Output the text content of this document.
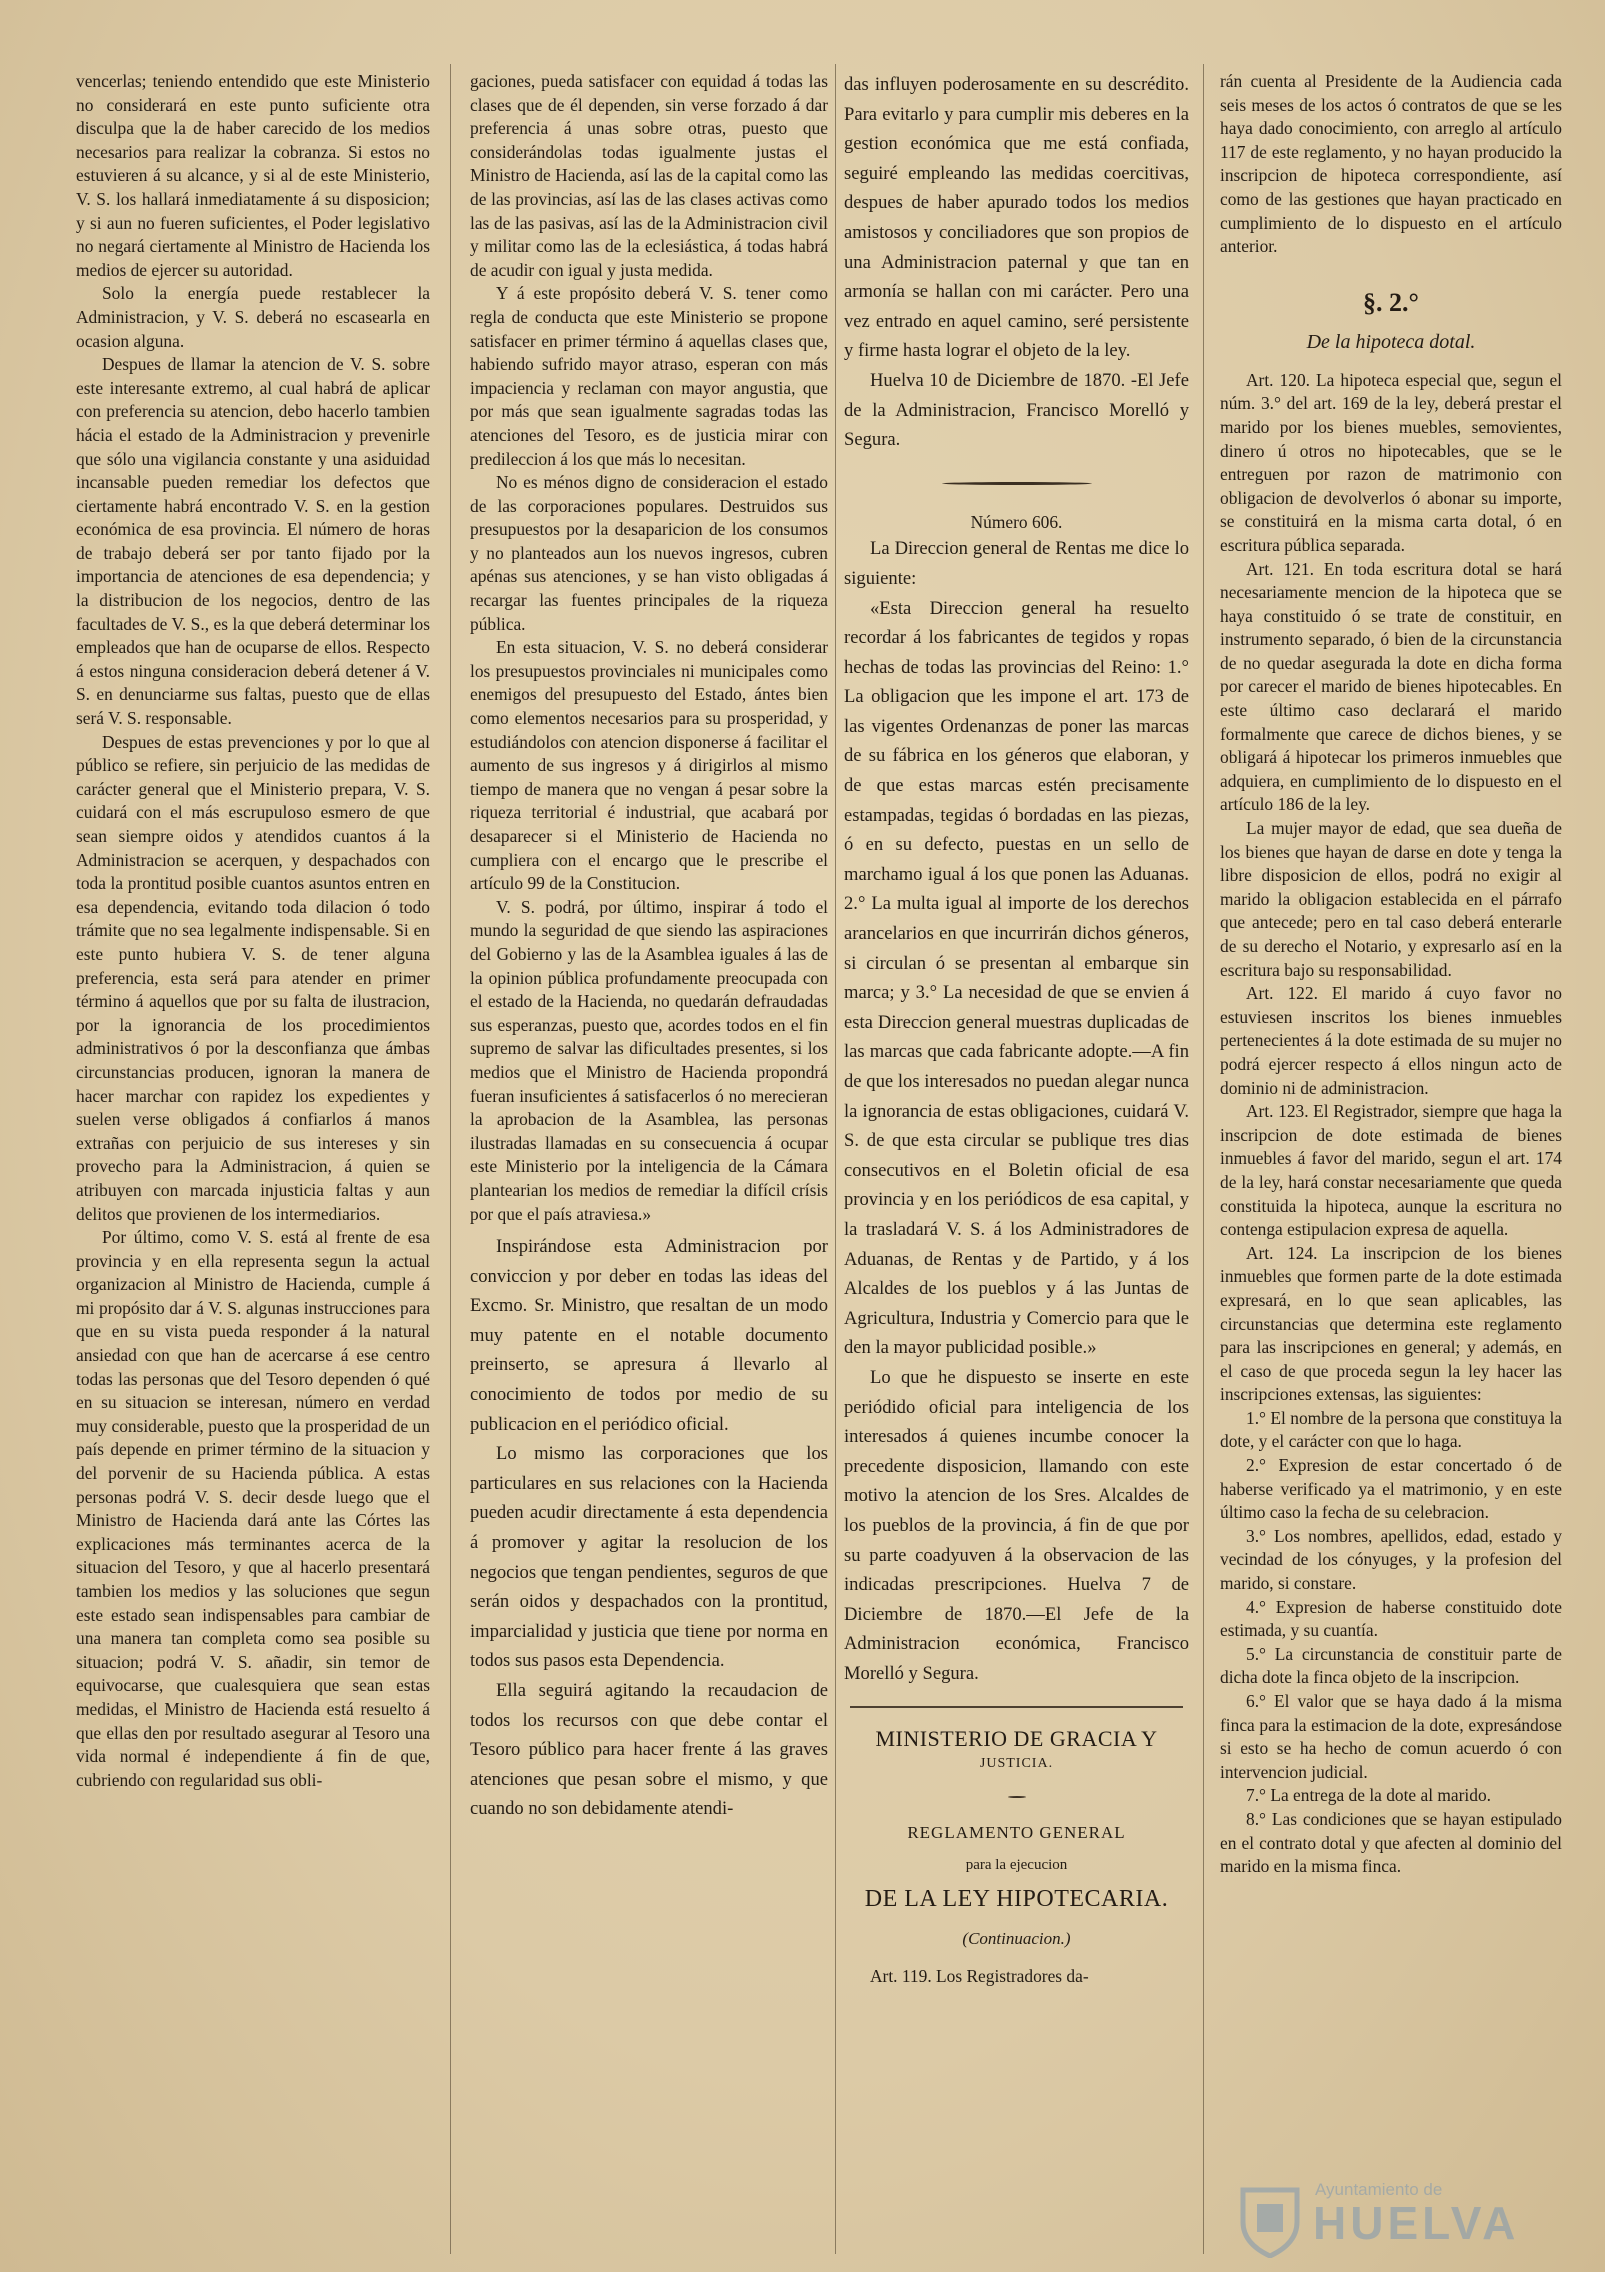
vencerlas; teniendo entendido que este Ministerio no considerará en este punto suficiente otra disculpa que la de haber carecido de los medios necesarios para realizar la cobranza. Si estos no estuvieren á su alcance, y si al de este Ministerio, V. S. los hallará inmediatamente á su disposicion; y si aun no fueren suficientes, el Poder legislativo no negará ciertamente al Ministro de Hacienda los medios de ejercer su autoridad.

Solo la energía puede restablecer la Administracion, y V. S. deberá no escasearla en ocasion alguna.

Despues de llamar la atencion de V. S. sobre este interesante extremo, al cual habrá de aplicar con preferencia su atencion, debo hacerlo tambien hácia el estado de la Administracion y prevenirle que sólo una vigilancia constante y una asiduidad incansable pueden remediar los defectos que ciertamente habrá encontrado V. S. en la gestion económica de esa provincia. El número de horas de trabajo deberá ser por tanto fijado por la importancia de atenciones de esa dependencia; y la distribucion de los negocios, dentro de las facultades de V. S., es la que deberá determinar los empleados que han de ocuparse de ellos. Respecto á estos ninguna consideracion deberá detener á V. S. en denunciarme sus faltas, puesto que de ellas será V. S. responsable.

Despues de estas prevenciones y por lo que al público se refiere, sin perjuicio de las medidas de carácter general que el Ministerio prepara, V. S. cuidará con el más escrupuloso esmero de que sean siempre oidos y atendidos cuantos á la Administracion se acerquen, y despachados con toda la prontitud posible cuantos asuntos entren en esa dependencia, evitando toda dilacion ó todo trámite que no sea legalmente indispensable. Si en este punto hubiera V. S. de tener alguna preferencia, esta será para atender en primer término á aquellos que por su falta de ilustracion, por la ignorancia de los procedimientos administrativos ó por la desconfianza que ámbas circunstancias producen, ignoran la manera de hacer marchar con rapidez los expedientes y suelen verse obligados á confiarlos á manos extrañas con perjuicio de sus intereses y sin provecho para la Administracion, á quien se atribuyen con marcada injusticia faltas y aun delitos que provienen de los intermediarios.

Por último, como V. S. está al frente de esa provincia y en ella representa segun la actual organizacion al Ministro de Hacienda, cumple á mi propósito dar á V. S. algunas instrucciones para que en su vista pueda responder á la natural ansiedad con que han de acercarse á ese centro todas las personas que del Tesoro dependen ó qué en su situacion se interesan, número en verdad muy considerable, puesto que la prosperidad de un país depende en primer término de la situacion y del porvenir de su Hacienda pública. A estas personas podrá V. S. decir desde luego que el Ministro de Hacienda dará ante las Córtes las explicaciones más terminantes acerca de la situacion del Tesoro, y que al hacerlo presentará tambien los medios y las soluciones que segun este estado sean indispensables para cambiar de una manera tan completa como sea posible su situacion; podrá V. S. añadir, sin temor de equivocarse, que cualesquiera que sean estas medidas, el Ministro de Hacienda está resuelto á que ellas den por resultado asegurar al Tesoro una vida normal é independiente á fin de que, cubriendo con regularidad sus obli-

gaciones, pueda satisfacer con equidad á todas las clases que de él dependen, sin verse forzado á dar preferencia á unas sobre otras, puesto que considerándolas todas igualmente justas el Ministro de Hacienda, así las de la capital como las de las provincias, así las de las clases activas como las de las pasivas, así las de la Administracion civil y militar como las de la eclesiástica, á todas habrá de acudir con igual y justa medida.

Y á este propósito deberá V. S. tener como regla de conducta que este Ministerio se propone satisfacer en primer término á aquellas clases que, habiendo sufrido mayor atraso, esperan con más impaciencia y reclaman con mayor angustia, que por más que sean igualmente sagradas todas las atenciones del Tesoro, es de justicia mirar con predileccion á los que más lo necesitan.

No es ménos digno de consideracion el estado de las corporaciones populares. Destruidos sus presupuestos por la desaparicion de los consumos y no planteados aun los nuevos ingresos, cubren apénas sus atenciones, y se han visto obligadas á recargar las fuentes principales de la riqueza pública.

En esta situacion, V. S. no deberá considerar los presupuestos provinciales ni municipales como enemigos del presupuesto del Estado, ántes bien como elementos necesarios para su prosperidad, y estudiándolos con atencion disponerse á facilitar el aumento de sus ingresos y á dirigirlos al mismo tiempo de manera que no vengan á pesar sobre la riqueza territorial é industrial, que acabará por desaparecer si el Ministerio de Hacienda no cumpliera con el encargo que le prescribe el artículo 99 de la Constitucion.

V. S. podrá, por último, inspirar á todo el mundo la seguridad de que siendo las aspiraciones del Gobierno y las de la Asamblea iguales á las de la opinion pública profundamente preocupada con el estado de la Hacienda, no quedarán defraudadas sus esperanzas, puesto que, acordes todos en el fin supremo de salvar las dificultades presentes, si los medios que el Ministro de Hacienda propondrá fueran insuficientes á satisfacerlos ó no merecieran la aprobacion de la Asamblea, las personas ilustradas llamadas en su consecuencia á ocupar este Ministerio por la inteligencia de la Cámara plantearian los medios de remediar la difícil crísis por que el país atraviesa.»

Inspirándose esta Administracion por conviccion y por deber en todas las ideas del Excmo. Sr. Ministro, que resaltan de un modo muy patente en el notable documento preinserto, se apresura á llevarlo al conocimiento de todos por medio de su publicacion en el periódico oficial.

Lo mismo las corporaciones que los particulares en sus relaciones con la Hacienda pueden acudir directamente á esta dependencia á promover y agitar la resolucion de los negocios que tengan pendientes, seguros de que serán oidos y despachados con la prontitud, imparcialidad y justicia que tiene por norma en todos sus pasos esta Dependencia.

Ella seguirá agitando la recaudacion de todos los recursos con que debe contar el Tesoro público para hacer frente á las graves atenciones que pesan sobre el mismo, y que cuando no son debidamente atendi-

das influyen poderosamente en su descrédito. Para evitarlo y para cumplir mis deberes en la gestion económica que me está confiada, seguiré empleando las medidas coercitivas, despues de haber apurado todos los medios amistosos y conciliadores que son propios de una Administracion paternal y que tan en armonía se hallan con mi carácter. Pero una vez entrado en aquel camino, seré persistente y firme hasta lograr el objeto de la ley.

Huelva 10 de Diciembre de 1870. -El Jefe de la Administracion, Francisco Morelló y Segura.

Número 606.

La Direccion general de Rentas me dice lo siguiente:

«Esta Direccion general ha resuelto recordar á los fabricantes de tegidos y ropas hechas de todas las provincias del Reino: 1.° La obligacion que les impone el art. 173 de las vigentes Ordenanzas de poner las marcas de su fábrica en los géneros que elaboran, y de que estas marcas estén precisamente estampadas, tegidas ó bordadas en las piezas, ó en su defecto, puestas en un sello de marchamo igual á los que ponen las Aduanas. 2.° La multa igual al importe de los derechos arancelarios en que incurrirán dichos géneros, si circulan ó se presentan al embarque sin marca; y 3.° La necesidad de que se envien á esta Direccion general muestras duplicadas de las marcas que cada fabricante adopte.—A fin de que los interesados no puedan alegar nunca la ignorancia de estas obligaciones, cuidará V. S. de que esta circular se publique tres dias consecutivos en el Boletin oficial de esa provincia y en los periódicos de esa capital, y la trasladará V. S. á los Administradores de Aduanas, de Rentas y de Partido, y á los Alcaldes de los pueblos y á las Juntas de Agricultura, Industria y Comercio para que le den la mayor publicidad posible.»

Lo que he dispuesto se inserte en este periódido oficial para inteligencia de los interesados á quienes incumbe conocer la precedente disposicion, llamando con este motivo la atencion de los Sres. Alcaldes de los pueblos de la provincia, á fin de que por su parte coadyuven á la observacion de las indicadas prescripciones. Huelva 7 de Diciembre de 1870.—El Jefe de la Administracion económica, Francisco Morelló y Segura.

MINISTERIO DE GRACIA Y
JUSTICIA.
REGLAMENTO GENERAL
para la ejecucion
DE LA LEY HIPOTECARIA.
(Continuacion.)

Art. 119. Los Registradores da-

rán cuenta al Presidente de la Audiencia cada seis meses de los actos ó contratos de que se les haya dado conocimiento, con arreglo al artículo 117 de este reglamento, y no hayan producido la inscripcion de hipoteca correspondiente, así como de las gestiones que hayan practicado en cumplimiento de lo dispuesto en el artículo anterior.

§. 2.°
De la hipoteca dotal.

Art. 120. La hipoteca especial que, segun el núm. 3.° del art. 169 de la ley, deberá prestar el marido por los bienes muebles, semovientes, dinero ú otros no hipotecables, que se le entreguen por razon de matrimonio con obligacion de devolverlos ó abonar su importe, se constituirá en la misma carta dotal, ó en escritura pública separada.

Art. 121. En toda escritura dotal se hará necesariamente mencion de la hipoteca que se haya constituido ó se trate de constituir, en instrumento separado, ó bien de la circunstancia de no quedar asegurada la dote en dicha forma por carecer el marido de bienes hipotecables. En este último caso declarará el marido formalmente que carece de dichos bienes, y se obligará á hipotecar los primeros inmuebles que adquiera, en cumplimiento de lo dispuesto en el artículo 186 de la ley.

La mujer mayor de edad, que sea dueña de los bienes que hayan de darse en dote y tenga la libre disposicion de ellos, podrá no exigir al marido la obligacion establecida en el párrafo que antecede; pero en tal caso deberá enterarle de su derecho el Notario, y expresarlo así en la escritura bajo su responsabilidad.

Art. 122. El marido á cuyo favor no estuviesen inscritos los bienes inmuebles pertenecientes á la dote estimada de su mujer no podrá ejercer respecto á ellos ningun acto de dominio ni de administracion.

Art. 123. El Registrador, siempre que haga la inscripcion de dote estimada de bienes inmuebles á favor del marido, segun el art. 174 de la ley, hará constar necesariamente que queda constituida la hipoteca, aunque la escritura no contenga estipulacion expresa de aquella.

Art. 124. La inscripcion de los bienes inmuebles que formen parte de la dote estimada expresará, en lo que sean aplicables, las circunstancias que determina este reglamento para las inscripciones en general; y además, en el caso de que proceda segun la ley hacer las inscripciones extensas, las siguientes:

1.° El nombre de la persona que constituya la dote, y el carácter con que lo haga.

2.° Expresion de estar concertado ó de haberse verificado ya el matrimonio, y en este último caso la fecha de su celebracion.

3.° Los nombres, apellidos, edad, estado y vecindad de los cónyuges, y la profesion del marido, si constare.

4.° Expresion de haberse constituido dote estimada, y su cuantía.

5.° La circunstancia de constituir parte de dicha dote la finca objeto de la inscripcion.

6.° El valor que se haya dado á la misma finca para la estimacion de la dote, expresándose si esto se ha hecho de comun acuerdo ó con intervencion judicial.

7.° La entrega de la dote al marido.

8.° Las condiciones que se hayan estipulado en el contrato dotal y que afecten al dominio del marido en la misma finca.

Ayuntamiento de
HUELVA
